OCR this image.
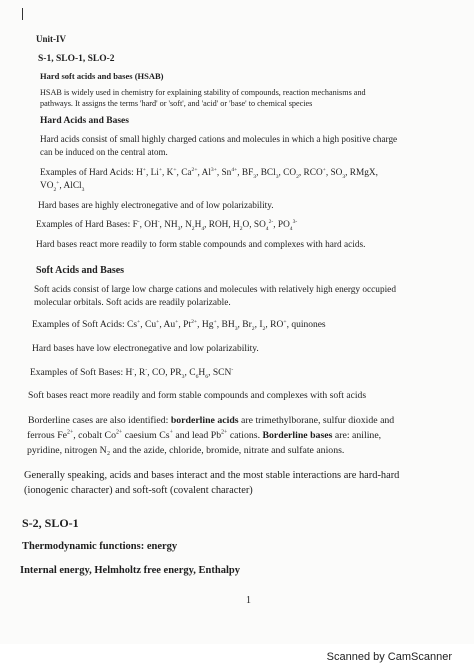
Unit-IV
S-1, SLO-1, SLO-2
Hard soft acids and bases (HSAB)
HSAB is widely used in chemistry for explaining stability of compounds, reaction mechanisms and
pathways. It assigns the terms 'hard' or 'soft', and 'acid' or 'base' to chemical species
Hard Acids and Bases
Hard acids consist of small highly charged cations and molecules in which a high positive charge
can be induced on the central atom.
Examples of Hard Acids: H+, Li+, K+, $Ca^{2+}$, $Al^{3+}$, $Sn^{4+}$, $BF_3$, BCl$_3$, $CO_2$, RCO+, $SO_3$, RMgX,
$VO_2^+$, AlCl$_3$
Hard bases are highly electronegative and of low polarizability.
Examples of Hard Bases: F-, OH-, $NH_3$, $N_2H_4$, ROH, $H_2O$, $SO_4^{2-}$, $PO_4^{3-}$
Hard bases react more readily to form stable compounds and complexes with hard acids.
Soft Acids and Bases
Soft acids consist of large low charge cations and molecules with relatively high energy occupied
molecular orbitals. Soft acids are readily polarizable.
Examples of Soft Acids: Cs+, Cu+, Au+, $Pt^{2+}$, Hg+, $BH_3$, $Br_2$, $I_2$, RO+, quinones
Hard bases have low electronegative and low polarizability.
Examples of Soft Bases: H-, R-, CO, $PR_3$, $C_6H_6$, SCN-
Soft bases react more readily and form stable compounds and complexes with soft acids
Borderline cases are also identified: borderline acids are trimethylborane, sulfur dioxide and
ferrous $Fe^{2+}$, cobalt $Co^{2+}$ caesium Cs+ and lead $Pb^{2+}$ cations. Borderline bases are: aniline,
pyridine, nitrogen N₂ and the azide, chloride, bromide, nitrate and sulfate anions.
Generally speaking, acids and bases interact and the most stable interactions are hard-hard
(ionogenic character) and soft-soft (covalent character)
S-2, SLO-1
Thermodynamic functions: energy
Internal energy, Helmholtz free energy, Enthalpy
1
Scanned by CamScanner
